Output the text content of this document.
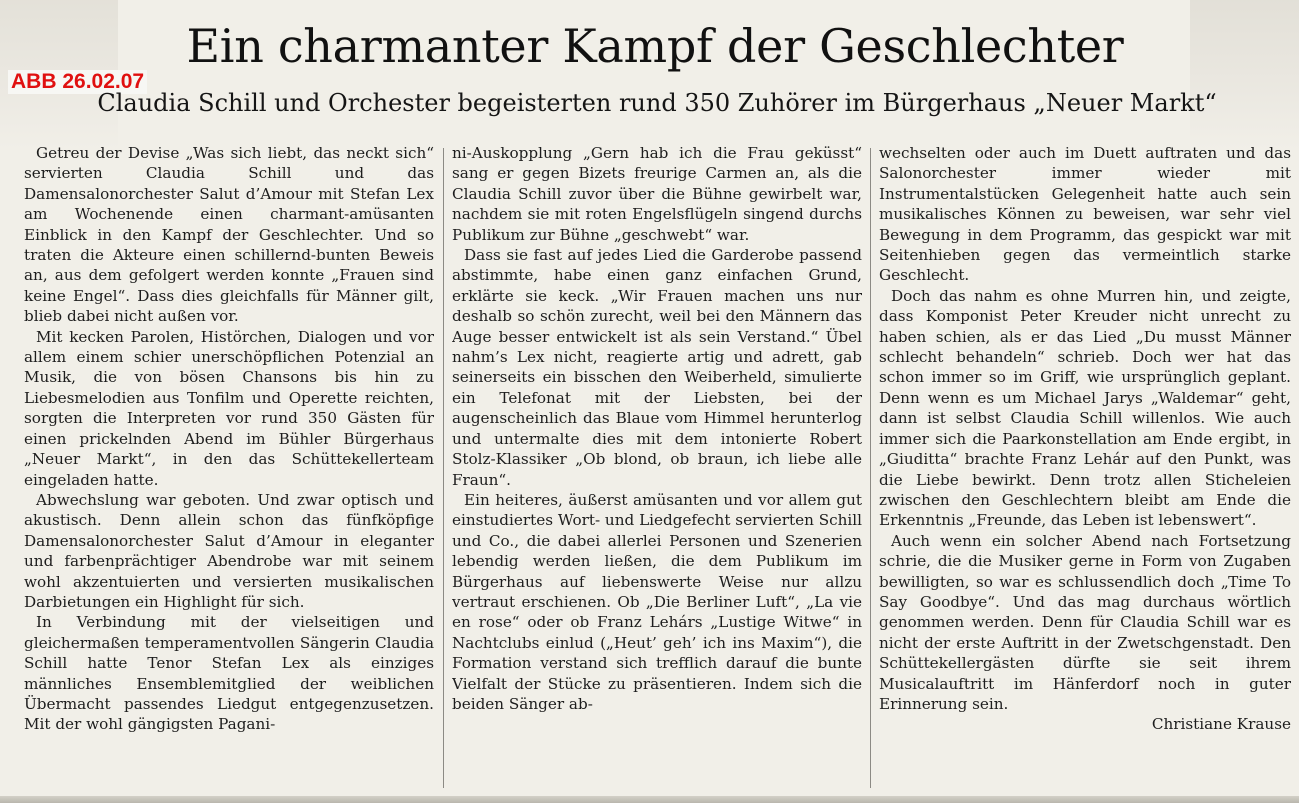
Ein charmanter Kampf der Geschlechter
ABB 26.02.07
Claudia Schill und Orchester begeisterten rund 350 Zuhörer im Bürgerhaus „Neuer Markt“

Getreu der Devise „Was sich liebt, das neckt sich“ servierten Claudia Schill und das Damensalonorchester Salut d’Amour mit Stefan Lex am Wochenende einen charmant-amüsanten Einblick in den Kampf der Geschlechter. Und so traten die Akteure einen schillernd-bunten Beweis an, aus dem gefolgert werden konnte „Frauen sind keine Engel“. Dass dies gleichfalls für Männer gilt, blieb dabei nicht außen vor.

Mit kecken Parolen, Histörchen, Dialogen und vor allem einem schier unerschöpflichen Potenzial an Musik, die von bösen Chansons bis hin zu Liebesmelodien aus Tonfilm und Operette reichten, sorgten die Interpreten vor rund 350 Gästen für einen prickelnden Abend im Bühler Bürgerhaus „Neuer Markt“, in den das Schüttekellerteam eingeladen hatte.

Abwechslung war geboten. Und zwar optisch und akustisch. Denn allein schon das fünfköpfige Damensalonorchester Salut d’Amour in eleganter und farbenprächtiger Abendrobe war mit seinem wohl akzentuierten und versierten musikalischen Darbietungen ein Highlight für sich.

In Verbindung mit der vielseitigen und gleichermaßen temperamentvollen Sängerin Claudia Schill hatte Tenor Stefan Lex als einziges männliches Ensemblemitglied der weiblichen Übermacht passendes Liedgut entgegenzusetzen. Mit der wohl gängigsten Pagani-

ni-Auskopplung „Gern hab ich die Frau geküsst“ sang er gegen Bizets freurige Carmen an, als die Claudia Schill zuvor über die Bühne gewirbelt war, nachdem sie mit roten Engelsflügeln singend durchs Publikum zur Bühne „geschwebt“ war.

Dass sie fast auf jedes Lied die Garderobe passend abstimmte, habe einen ganz einfachen Grund, erklärte sie keck. „Wir Frauen machen uns nur deshalb so schön zurecht, weil bei den Männern das Auge besser entwickelt ist als sein Verstand.“ Übel nahm’s Lex nicht, reagierte artig und adrett, gab seinerseits ein bisschen den Weiberheld, simulierte ein Telefonat mit der Liebsten, bei der augenscheinlich das Blaue vom Himmel herunterlog und untermalte dies mit dem intonierte Robert Stolz-Klassiker „Ob blond, ob braun, ich liebe alle Fraun“.

Ein heiteres, äußerst amüsanten und vor allem gut einstudiertes Wort- und Liedgefecht servierten Schill und Co., die dabei allerlei Personen und Szenerien lebendig werden ließen, die dem Publikum im Bürgerhaus auf liebenswerte Weise nur allzu vertraut erschienen. Ob „Die Berliner Luft“, „La vie en rose“ oder ob Franz Lehárs „Lustige Witwe“ in Nachtclubs einlud („Heut’ geh’ ich ins Maxim“), die Formation verstand sich trefflich darauf die bunte Vielfalt der Stücke zu präsentieren. Indem sich die beiden Sänger ab-

wechselten oder auch im Duett auftraten und das Salonorchester immer wieder mit Instrumentalstücken Gelegenheit hatte auch sein musikalisches Können zu beweisen, war sehr viel Bewegung in dem Programm, das gespickt war mit Seitenhieben gegen das vermeintlich starke Geschlecht.

Doch das nahm es ohne Murren hin, und zeigte, dass Komponist Peter Kreuder nicht unrecht zu haben schien, als er das Lied „Du musst Männer schlecht behandeln“ schrieb. Doch wer hat das schon immer so im Griff, wie ursprünglich geplant. Denn wenn es um Michael Jarys „Waldemar“ geht, dann ist selbst Claudia Schill willenlos. Wie auch immer sich die Paarkonstellation am Ende ergibt, in „Giuditta“ brachte Franz Lehár auf den Punkt, was die Liebe bewirkt. Denn trotz allen Sticheleien zwischen den Geschlechtern bleibt am Ende die Erkenntnis „Freunde, das Leben ist lebenswert“.

Auch wenn ein solcher Abend nach Fortsetzung schrie, die die Musiker gerne in Form von Zugaben bewilligten, so war es schlussendlich doch „Time To Say Goodbye“. Und das mag durchaus wörtlich genommen werden. Denn für Claudia Schill war es nicht der erste Auftritt in der Zwetschgenstadt. Den Schüttekellergästen dürfte sie seit ihrem Musicalauftritt im Hänferdorf noch in guter Erinnerung sein.

Christiane Krause
